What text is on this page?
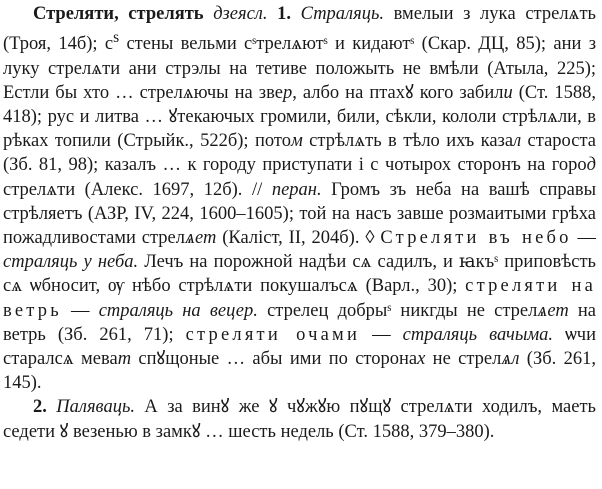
Стреляти, стрелять дзеясл. 1. Страляць. вмелыи з лукa стрелѧть (Троя, 14б); $с^s$ стены вельми сˢтрелѧютˢ и кидаютˢ (Скар. ДЦ, 85); ани з луку стрелѧти ани стрэлы на тетиве положыть не вмѣли (Атыла, 225); Естли бы хто … стрелѧючы на звер, албо на птахꙋ кого забили (Ст. 1588, 418); рус и литва … ꙋтекаючых громили, били, сѣкли, кололи стрѣлѧли, в рѣках топили (Стрыйк., 522б); потом стрѣлѧть в тѣло ихъ казал староста (Зб. 81, 98); казалъ … к городу приступати і с чотырох сторонъ на город стрелѧти (Алекс. 1697, 12б). // перан. Громъ зъ неба на вашѣ справы стрѣляетъ (АЗР, IV, 224, 1600–1605); той на насъ завше розмаитыми грѣха пожадливостами стрелѧет (Каліст, II, 204б). ◊ Стреляти въ небо — страляць у неба. Лечъ на порожной надѣи сѧ садилъ, и ꙗкъˢ приповѣсть сѧ ѡбносит, ѹ нѣбо стрѣлѧти покушалъсѧ (Варл., 30); стреляти на ветрь — страляць на вецер. стрелец добрыˢ никгды не стрелѧет на ветрь (Зб. 261, 71); стреляти очами — страляць вачыма. ѡчи старалсѧ меват спꙋщоные … абы ими по сторонах не стрелѧл (Зб. 261, 145).

2. Паляваць. А за винꙋ же ꙋ чꙋжꙋю пꙋщꙋ стрелѧти ходилъ, маеть седети ꙋ везенью в замкꙋ … шесть недель (Ст. 1588, 379–380).
